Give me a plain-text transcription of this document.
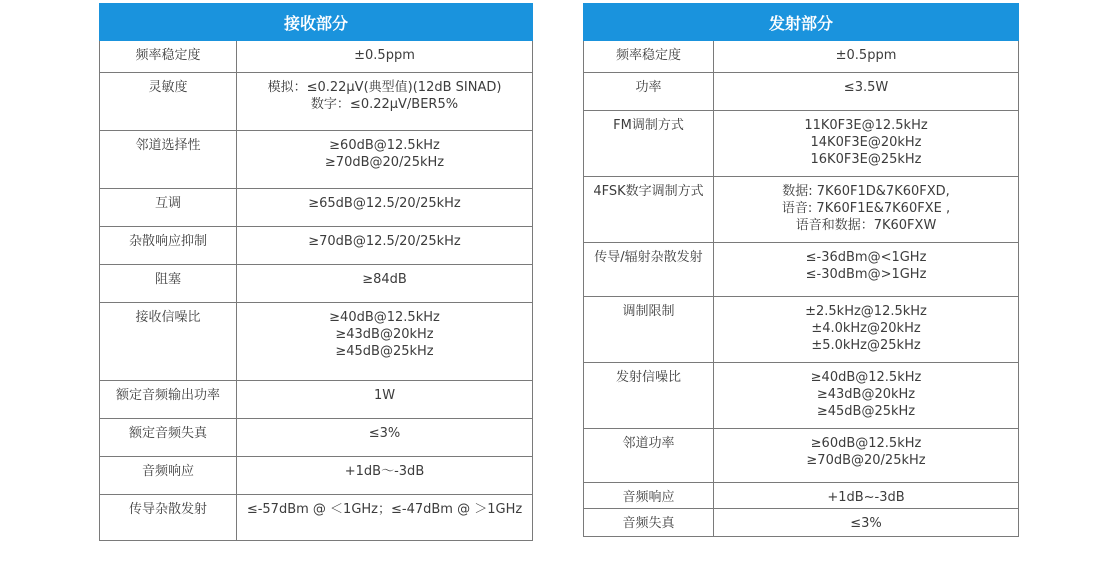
接收部分	

频率稳定度	±0.5ppm

灵敏度	模拟：≤0.22μV(典型值)(12dB SINAD)
数字：≤0.22μV/BER5%

邻道选择性	≥60dB@12.5kHz
≥70dB@20/25kHz

互调	≥65dB@12.5/20/25kHz

杂散响应抑制	≥70dB@12.5/20/25kHz

阻塞	≥84dB

接收信噪比	≥40dB@12.5kHz
≥43dB@20kHz
≥45dB@25kHz

额定音频输出功率	1W

额定音频失真	≤3%

音频响应	+1dB～-3dB

传导杂散发射	≤-57dBm @ ＜1GHz；≤-47dBm @ ＞1GHz
发射部分	

频率稳定度	±0.5ppm

功率	≤3.5W

FM调制方式	11K0F3E@12.5kHz
14K0F3E@20kHz
16K0F3E@25kHz

4FSK数字调制方式	数据: 7K60F1D&7K60FXD,
语音: 7K60F1E&7K60FXE ,
语音和数据：7K60FXW

传导/辐射杂散发射	≤-36dBm@<1GHz
≤-30dBm@>1GHz

调制限制	±2.5kHz@12.5kHz
±4.0kHz@20kHz
±5.0kHz@25kHz

发射信噪比	≥40dB@12.5kHz
≥43dB@20kHz
≥45dB@25kHz

邻道功率	≥60dB@12.5kHz
≥70dB@20/25kHz

音频响应	+1dB~-3dB

音频失真	≤3%
